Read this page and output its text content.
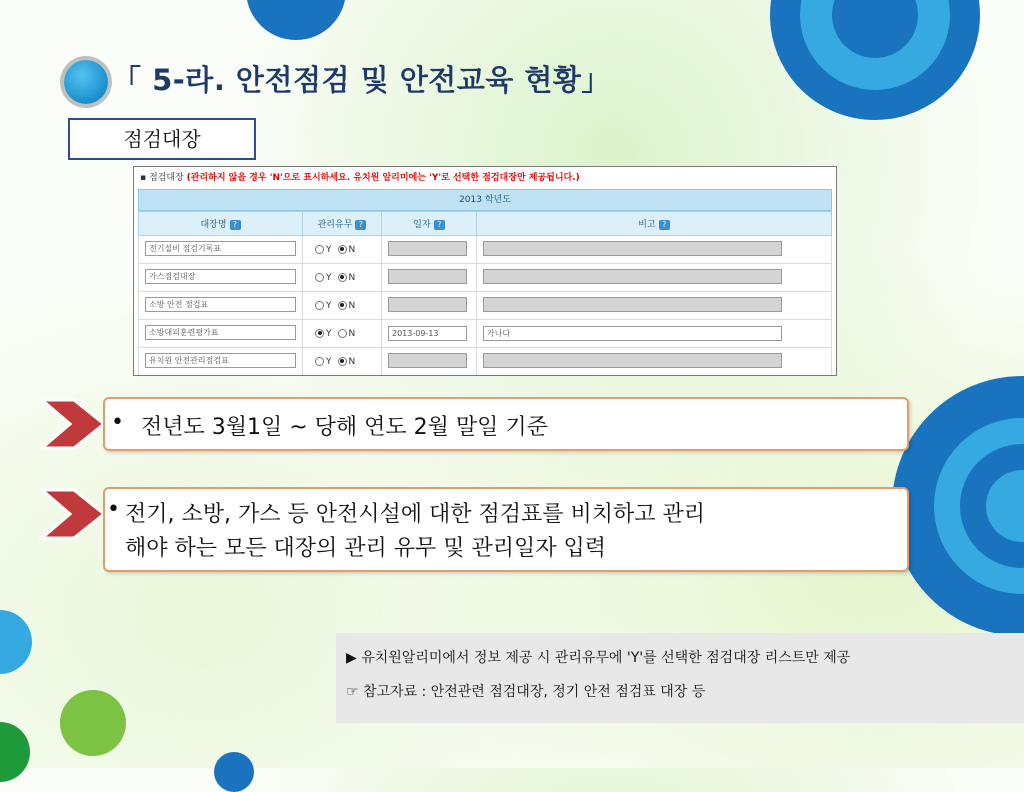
「 5-라. 안전점검 및 안전교육 현황」
점검대장
▪ 점검대장 (관리하지 않을 경우 'N'으로 표시하세요. 유치원 알리미에는 'Y'로 선택한 점검대장만 제공됩니다.)
2013 학년도
대장명 ?	관리유무 ?	일자 ?	비고 ?
전기설비 점검기록표	Y N		
가스점검대장	Y N		
소방 안전 점검표	Y N		
소방대피훈련평가표	Y N	2013-09-13	가나다
유치원 안전관리점검표	Y N		
• 전년도 3월1일 ~ 당해 연도 2월 말일 기준
• 전기, 소방, 가스 등 안전시설에 대한 점검표를 비치하고 관리
해야 하는 모든 대장의 관리 유무 및 관리일자 입력
▶ 유치원알리미에서 정보 제공 시 관리유무에 'Y'를 선택한 점검대장 리스트만 제공
☞ 참고자료 : 안전관련 점검대장, 정기 안전 점검표 대장 등
